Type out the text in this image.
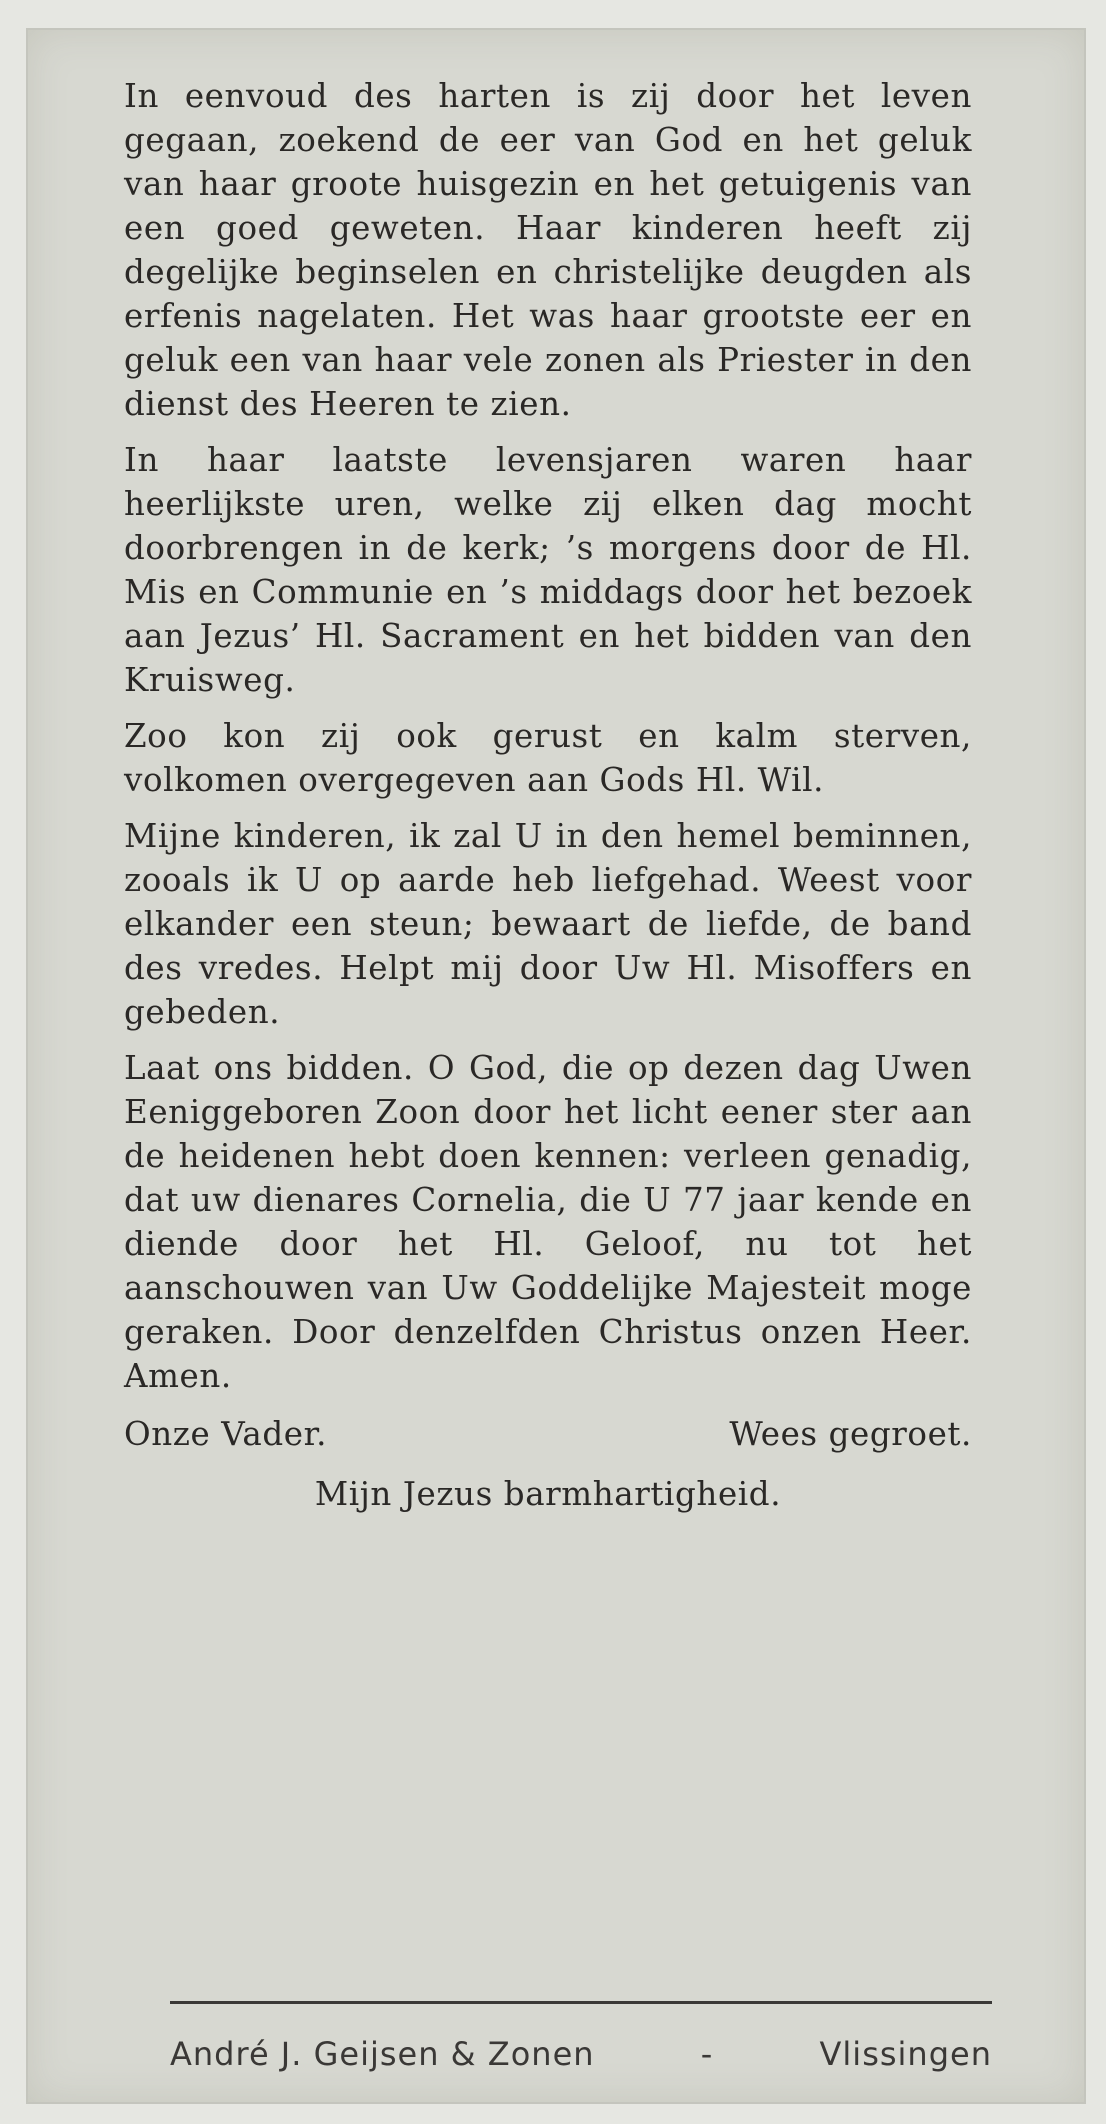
In eenvoud des harten is zij door het leven gegaan, zoekend de eer van God en het geluk van haar groote huisgezin en het getuigenis van een goed geweten. Haar kinderen heeft zij degelijke beginselen en christelijke deugden als erfenis nagelaten. Het was haar grootste eer en geluk een van haar vele zonen als Priester in den dienst des Heeren te zien.

In haar laatste levensjaren waren haar heerlijkste uren, welke zij elken dag mocht doorbrengen in de kerk; ’s morgens door de Hl. Mis en Communie en ’s middags door het bezoek aan Jezus’ Hl. Sacrament en het bidden van den Kruisweg.

Zoo kon zij ook gerust en kalm sterven, volkomen overgegeven aan Gods Hl. Wil.

Mijne kinderen, ik zal U in den hemel beminnen, zooals ik U op aarde heb liefgehad. Weest voor elkander een steun; bewaart de liefde, de band des vredes. Helpt mij door Uw Hl. Misoffers en gebeden.

Laat ons bidden. O God, die op dezen dag Uwen Eeniggeboren Zoon door het licht eener ster aan de heidenen hebt doen kennen: verleen genadig, dat uw dienares Cornelia, die U 77 jaar kende en diende door het Hl. Geloof, nu tot het aanschouwen van Uw Goddelijke Majesteit moge geraken. Door denzelfden Christus onzen Heer. Amen.

Onze Vader.	Wees gegroet.
Mijn Jezus barmhartigheid.
André J. Geijsen & Zonen	-	Vlissingen
